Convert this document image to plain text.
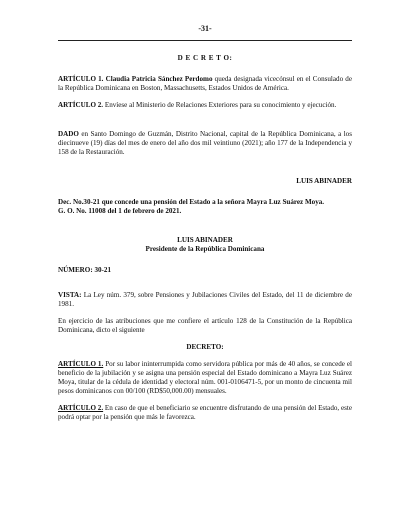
-31-
D E C R E T O:

ARTÍCULO 1. Claudia Patricia Sánchez Perdomo queda designada vicecónsul en el Consulado de la República Dominicana en Boston, Massachusetts, Estados Unidos de América.

ARTÍCULO 2. Envíese al Ministerio de Relaciones Exteriores para su conocimiento y ejecución.

DADO en Santo Domingo de Guzmán, Distrito Nacional, capital de la República Dominicana, a los diecinueve (19) días del mes de enero del año dos mil veintiuno (2021); año 177 de la Independencia y 158 de la Restauración.

LUIS ABINADER

Dec. No.30-21 que concede una pensión del Estado a la señora Mayra Luz Suárez Moya.
G. O. No. 11008 del 1 de febrero de 2021.

LUIS ABINADER
Presidente de la República Dominicana
NÚMERO: 30-21

VISTA: La Ley núm. 379, sobre Pensiones y Jubilaciones Civiles del Estado, del 11 de diciembre de 1981.

En ejercicio de las atribuciones que me confiere el artículo 128 de la Constitución de la República Dominicana, dicto el siguiente

DECRETO:

ARTÍCULO 1. Por su labor ininterrumpida como servidora pública por más de 40 años, se concede el beneficio de la jubilación y se asigna una pensión especial del Estado dominicano a Mayra Luz Suárez Moya, titular de la cédula de identidad y electoral núm. 001-0106471-5, por un monto de cincuenta mil pesos dominicanos con 00/100 (RD$50,000.00) mensuales.

ARTÍCULO 2. En caso de que el beneficiario se encuentre disfrutando de una pensión del Estado, este podrá optar por la pensión que más le favorezca.
